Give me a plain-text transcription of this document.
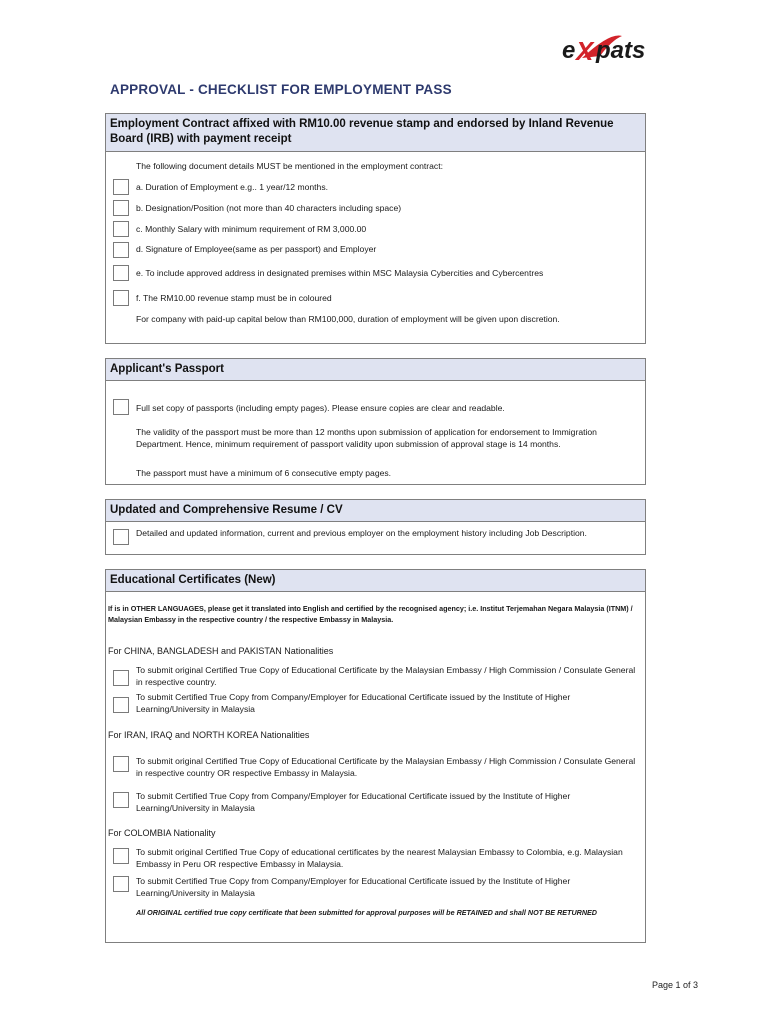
e X pats
APPROVAL - CHECKLIST FOR EMPLOYMENT PASS
Employment Contract affixed with RM10.00 revenue stamp and endorsed by Inland Revenue Board (IRB) with payment receipt
The following document details MUST be mentioned in the employment contract:
a. Duration of Employment e.g.. 1 year/12 months.
b. Designation/Position (not more than 40 characters including space)
c. Monthly Salary with minimum requirement of RM 3,000.00
d. Signature of Employee(same as per passport) and Employer
e. To include approved address in designated premises within MSC Malaysia Cybercities and Cybercentres
f. The RM10.00 revenue stamp must be in coloured
For company with paid-up capital below than RM100,000, duration of employment will be given upon discretion.
Applicant's Passport
Full set copy of passports (including empty pages). Please ensure copies are clear and readable.
The validity of the passport must be more than 12 months upon submission of application for endorsement to Immigration Department. Hence, minimum requirement of passport validity upon submission of approval stage is 14 months.
The passport must have a minimum of 6 consecutive empty pages.
Updated and Comprehensive Resume / CV
Detailed and updated information, current and previous employer on the employment history including Job Description.
Educational Certificates (New)
If is in OTHER LANGUAGES, please get it translated into English and certified by the recognised agency; i.e. Institut Terjemahan Negara Malaysia (ITNM) / Malaysian Embassy in the respective country / the respective Embassy in Malaysia.
For CHINA, BANGLADESH and PAKISTAN Nationalities
To submit original Certified True Copy of Educational Certificate by the Malaysian Embassy / High Commission / Consulate General in respective country.
To submit Certified True Copy from Company/Employer for Educational Certificate issued by the Institute of Higher Learning/University in Malaysia
For IRAN, IRAQ and NORTH KOREA Nationalities
To submit original Certified True Copy of Educational Certificate by the Malaysian Embassy / High Commission / Consulate General in respective country OR respective Embassy in Malaysia.
To submit Certified True Copy from Company/Employer for Educational Certificate issued by the Institute of Higher Learning/University in Malaysia
For COLOMBIA Nationality
To submit original Certified True Copy of educational certificates by the nearest Malaysian Embassy to Colombia, e.g. Malaysian Embassy in Peru OR respective Embassy in Malaysia.
To submit Certified True Copy from Company/Employer for Educational Certificate issued by the Institute of Higher Learning/University in Malaysia
All ORIGINAL certified true copy certificate that been submitted for approval purposes will be RETAINED and shall NOT BE RETURNED
Page 1 of 3
